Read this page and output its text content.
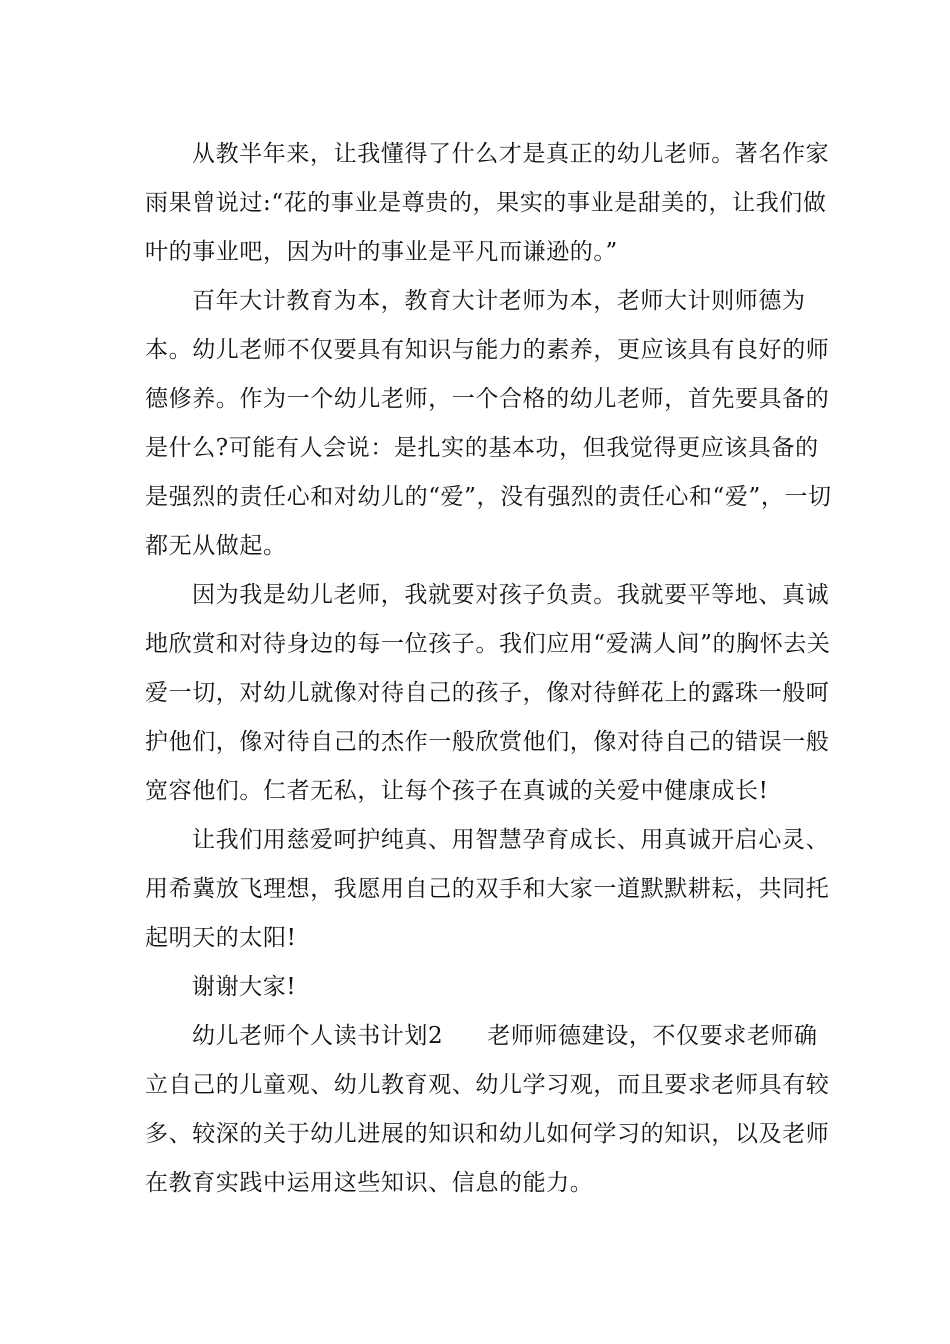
从教半年来，让我懂得了什么才是真正的幼儿老师。著名作家雨果曾说过:“花的事业是尊贵的，果实的事业是甜美的，让我们做叶的事业吧，因为叶的事业是平凡而谦逊的。”

百年大计教育为本，教育大计老师为本，老师大计则师德为本。幼儿老师不仅要具有知识与能力的素养，更应该具有良好的师德修养。作为一个幼儿老师，一个合格的幼儿老师，首先要具备的是什么?可能有人会说：是扎实的基本功，但我觉得更应该具备的是强烈的责任心和对幼儿的“爱”，没有强烈的责任心和“爱”，一切都无从做起。

因为我是幼儿老师，我就要对孩子负责。我就要平等地、真诚地欣赏和对待身边的每一位孩子。我们应用“爱满人间”的胸怀去关爱一切，对幼儿就像对待自己的孩子，像对待鲜花上的露珠一般呵护他们，像对待自己的杰作一般欣赏他们，像对待自己的错误一般宽容他们。仁者无私，让每个孩子在真诚的关爱中健康成长!

让我们用慈爱呵护纯真、用智慧孕育成长、用真诚开启心灵、用希冀放飞理想，我愿用自己的双手和大家一道默默耕耘，共同托起明天的太阳!

谢谢大家!

幼儿老师个人读书计划2 老师师德建设，不仅要求老师确立自己的儿童观、幼儿教育观、幼儿学习观，而且要求老师具有较多、较深的关于幼儿进展的知识和幼儿如何学习的知识，以及老师在教育实践中运用这些知识、信息的能力。
